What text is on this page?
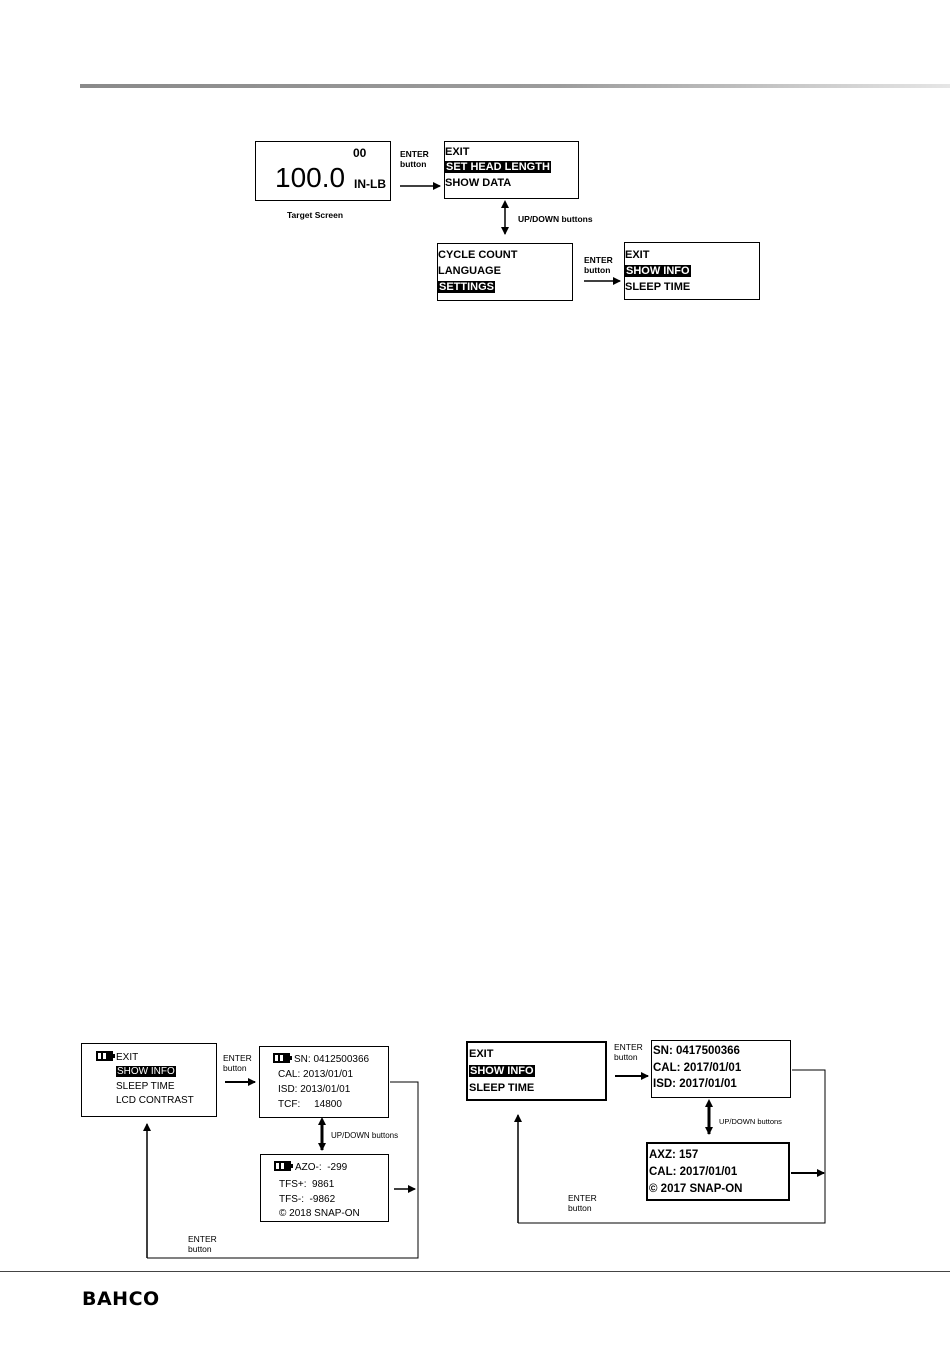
00
100.0 IN-LB
Target Screen
ENTER
button
EXIT
SET HEAD LENGTH
SHOW DATA
UP/DOWN buttons
CYCLE COUNT
LANGUAGE
SETTINGS
ENTER
button
EXIT
SHOW INFO
SLEEP TIME
EXIT
SHOW INFO
SLEEP TIME
LCD CONTRAST
ENTER
button
SN: 0412500366
CAL: 2013/01/01
ISD: 2013/01/01
TCF:     14800
UP/DOWN buttons
AZO-:  -299
TFS+:  9861
TFS-:  -9862
© 2018 SNAP-ON
ENTER
button
EXIT
SHOW INFO
SLEEP TIME
ENTER
button	SN: 0417500366
CAL: 2017/01/01
ISD: 2017/01/01
UP/DOWN buttons
AXZ: 157
CAL: 2017/01/01
© 2017 SNAP-ON
ENTER
button
BAHCO
